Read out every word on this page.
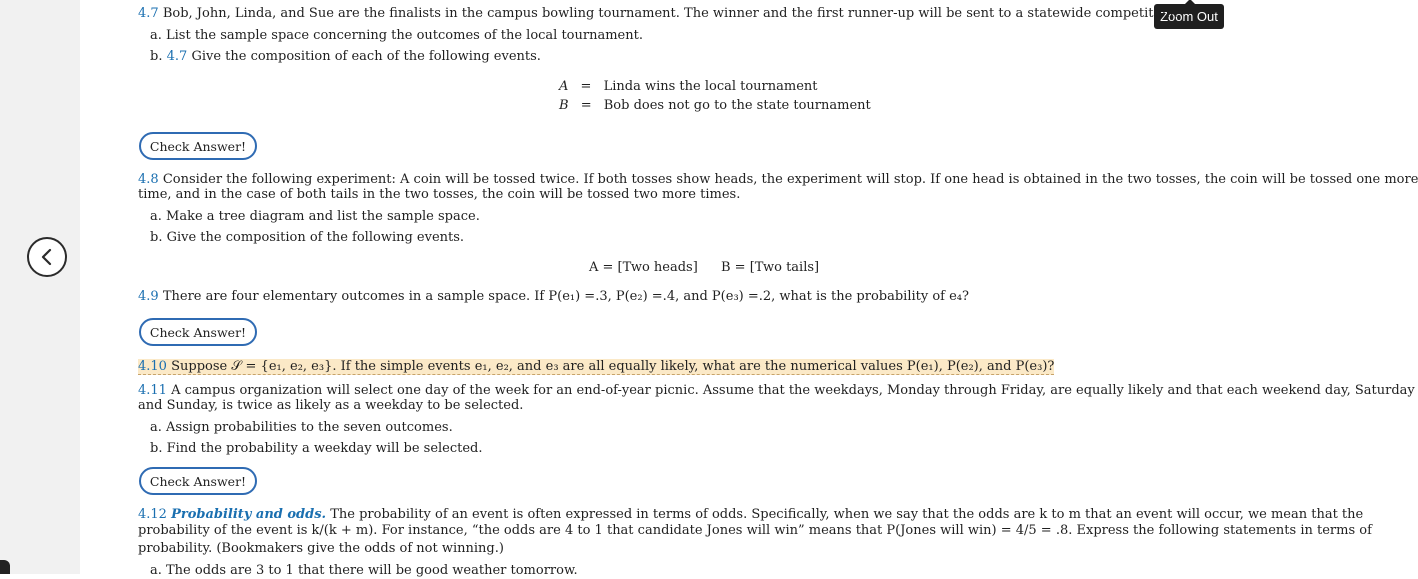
Zoom Out
4.7 Bob, John, Linda, and Sue are the finalists in the campus bowling tournament. The winner and the first runner-up will be sent to a statewide competition.
a. List the sample space concerning the outcomes of the local tournament.
b. 4.7 Give the composition of each of the following events.
A = Linda wins the local tournament
B = Bob does not go to the state tournament
Check Answer!
4.8 Consider the following experiment: A coin will be tossed twice. If both tosses show heads, the experiment will stop. If one head is obtained in the two tosses, the coin will be tossed one more
time, and in the case of both tails in the two tosses, the coin will be tossed two more times.
a. Make a tree diagram and list the sample space.
b. Give the composition of the following events.
A = [Two heads] B = [Two tails]
4.9 There are four elementary outcomes in a sample space. If P(e₁) =.3, P(e₂) =.4, and P(e₃) =.2, what is the probability of e₄?
Check Answer!
4.10 Suppose 𝒮 = {e₁, e₂, e₃}. If the simple events e₁, e₂, and e₃ are all equally likely, what are the numerical values P(e₁), P(e₂), and P(e₃)?
4.11 A campus organization will select one day of the week for an end-of-year picnic. Assume that the weekdays, Monday through Friday, are equally likely and that each weekend day, Saturday
and Sunday, is twice as likely as a weekday to be selected.
a. Assign probabilities to the seven outcomes.
b. Find the probability a weekday will be selected.
Check Answer!
4.12 Probability and odds. The probability of an event is often expressed in terms of odds. Specifically, when we say that the odds are k to m that an event will occur, we mean that the
probability of the event is k/(k + m). For instance, “the odds are 4 to 1 that candidate Jones will win” means that P(Jones will win) = 4/5 = .8. Express the following statements in terms of
probability. (Bookmakers give the odds of not winning.)
a. The odds are 3 to 1 that there will be good weather tomorrow.
